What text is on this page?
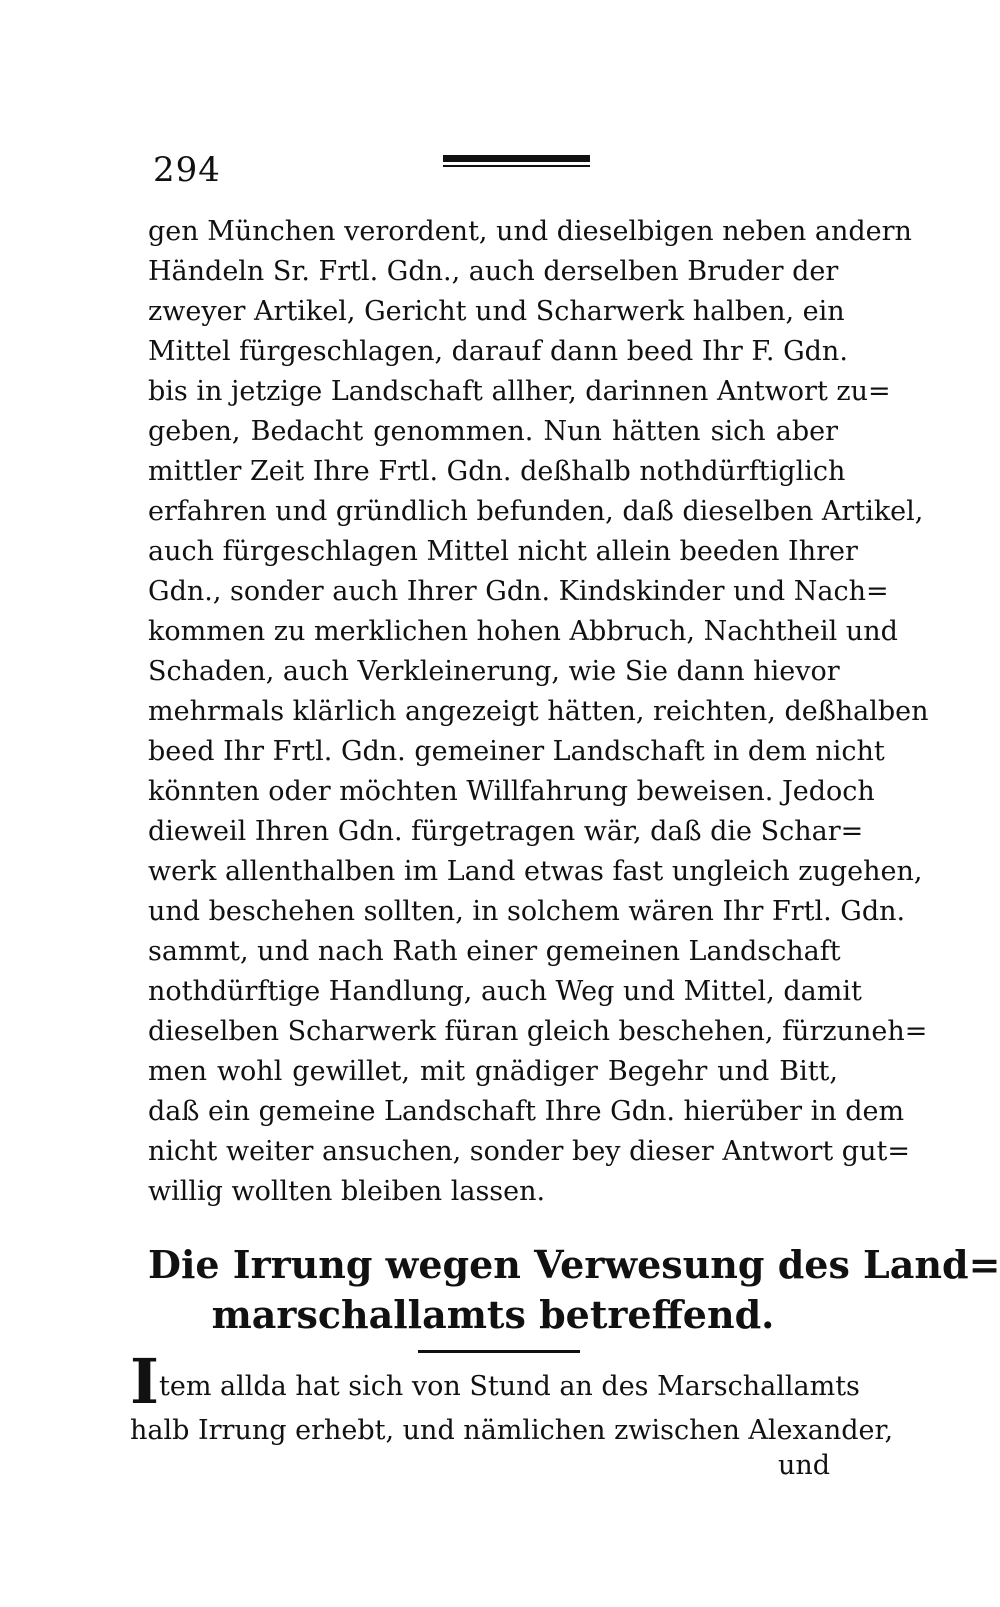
294
gen München verordent, und dieselbigen neben andern
Händeln Sr. Frtl. Gdn., auch derselben Bruder der
zweyer Artikel, Gericht und Scharwerk halben, ein
Mittel fürgeschlagen, darauf dann beed Ihr F. Gdn.
bis in jetzige Landschaft allher, darinnen Antwort zu=
geben, Bedacht genommen. Nun hätten sich aber
mittler Zeit Ihre Frtl. Gdn. deßhalb nothdürftiglich
erfahren und gründlich befunden, daß dieselben Artikel,
auch fürgeschlagen Mittel nicht allein beeden Ihrer
Gdn., sonder auch Ihrer Gdn. Kindskinder und Nach=
kommen zu merklichen hohen Abbruch, Nachtheil und
Schaden, auch Verkleinerung, wie Sie dann hievor
mehrmals klärlich angezeigt hätten, reichten, deßhalben
beed Ihr Frtl. Gdn. gemeiner Landschaft in dem nicht
könnten oder möchten Willfahrung beweisen. Jedoch
dieweil Ihren Gdn. fürgetragen wär, daß die Schar=
werk allenthalben im Land etwas fast ungleich zugehen,
und beschehen sollten, in solchem wären Ihr Frtl. Gdn.
sammt, und nach Rath einer gemeinen Landschaft
nothdürftige Handlung, auch Weg und Mittel, damit
dieselben Scharwerk füran gleich beschehen, fürzuneh=
men wohl gewillet, mit gnädiger Begehr und Bitt,
daß ein gemeine Landschaft Ihre Gdn. hierüber in dem
nicht weiter ansuchen, sonder bey dieser Antwort gut=
willig wollten bleiben lassen.
Die Irrung wegen Verwesung des Land=
marschallamts betreffend.
Item allda hat sich von Stund an des Marschallamts
halb Irrung erhebt, und nämlichen zwischen Alexander,
und
